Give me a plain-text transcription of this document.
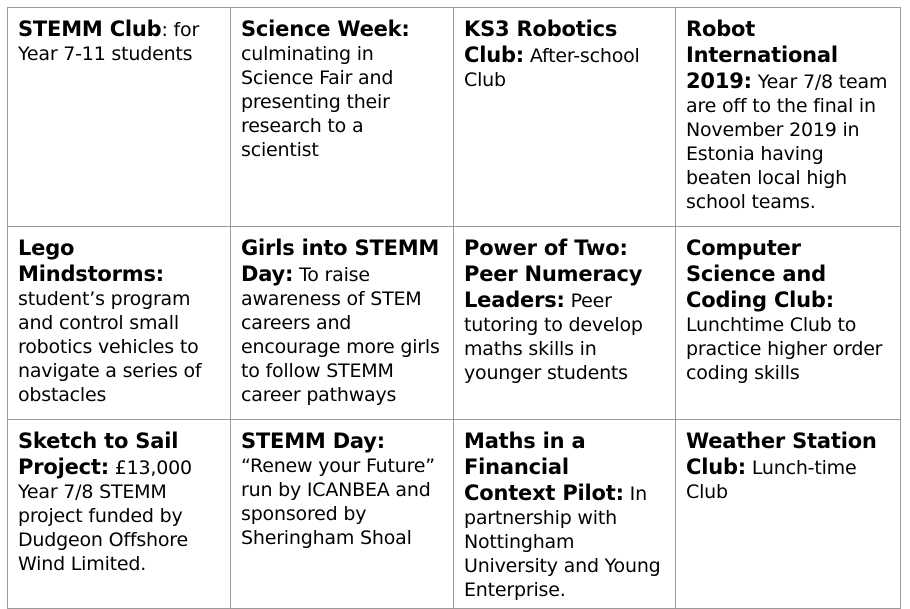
STEMM Club: for Year 7-11 students	Science Week: culminating in Science Fair and presenting their research to a scientist	KS3 Robotics Club: After-school Club	Robot International 2019: Year 7/8 team are off to the final in November 2019 in Estonia having beaten local high school teams.
Lego Mindstorms: student’s program and control small robotics vehicles to navigate a series of obstacles	Girls into STEMM Day: To raise awareness of STEM careers and encourage more girls to follow STEMM career pathways	Power of Two: Peer Numeracy Leaders: Peer tutoring to develop maths skills in younger students	Computer Science and Coding Club: Lunchtime Club to practice higher order coding skills
Sketch to Sail Project: £13,000 Year 7/8 STEMM project funded by Dudgeon Offshore Wind Limited.	STEMM Day: “Renew your Future” run by ICANBEA and sponsored by Sheringham Shoal	Maths in a Financial Context Pilot: In partnership with Nottingham University and Young Enterprise.	Weather Station Club: Lunch-time Club
